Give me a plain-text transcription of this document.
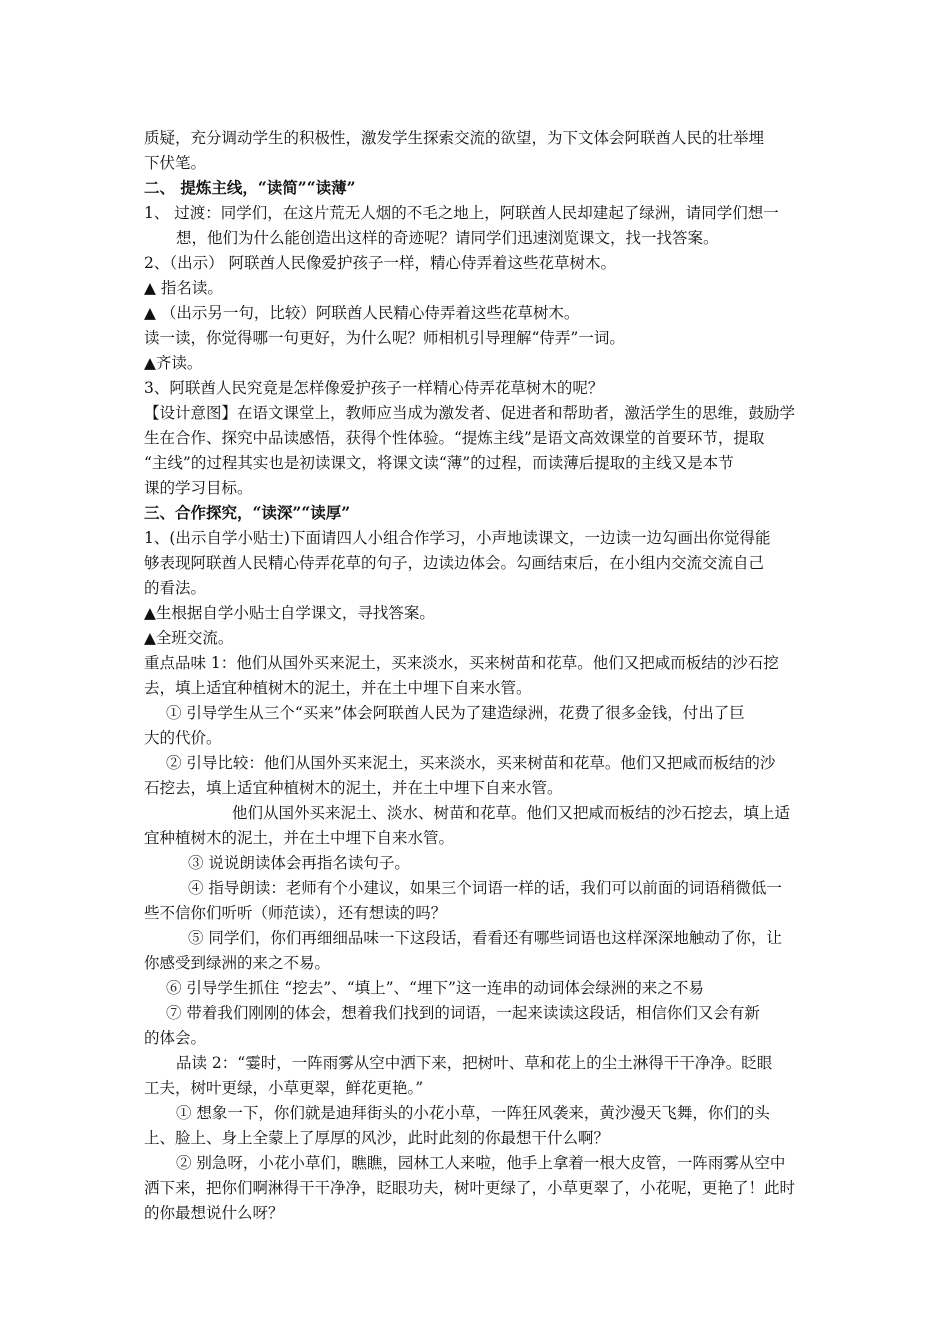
质疑，充分调动学生的积极性，激发学生探索交流的欲望，为下文体会阿联酋人民的壮举埋
下伏笔。
二、 提炼主线，“读简”“读薄”
1、 过渡：同学们，在这片荒无人烟的不毛之地上，阿联酋人民却建起了绿洲，请同学们想一
想，他们为什么能创造出这样的奇迹呢？请同学们迅速浏览课文，找一找答案。
2、（出示） 阿联酋人民像爱护孩子一样，精心侍弄着这些花草树木。
▲ 指名读。
▲ （出示另一句，比较）阿联酋人民精心侍弄着这些花草树木。
读一读，你觉得哪一句更好，为什么呢？师相机引导理解“侍弄”一词。
▲齐读。
3、阿联酋人民究竟是怎样像爱护孩子一样精心侍弄花草树木的呢？
【设计意图】在语文课堂上，教师应当成为激发者、促进者和帮助者，激活学生的思维，鼓励学
生在合作、探究中品读感悟，获得个性体验。“提炼主线”是语文高效课堂的首要环节，提取
“主线”的过程其实也是初读课文，将课文读“薄”的过程，而读薄后提取的主线又是本节
课的学习目标。
三、合作探究，“读深”“读厚”
1、(出示自学小贴士)下面请四人小组合作学习，小声地读课文，一边读一边勾画出你觉得能
够表现阿联酋人民精心侍弄花草的句子，边读边体会。勾画结束后，在小组内交流交流自己
的看法。
▲生根据自学小贴士自学课文，寻找答案。
▲全班交流。
重点品味 1：他们从国外买来泥土，买来淡水，买来树苗和花草。他们又把咸而板结的沙石挖
去，填上适宜种植树木的泥土，并在土中埋下自来水管。
① 引导学生从三个“买来”体会阿联酋人民为了建造绿洲，花费了很多金钱，付出了巨
大的代价。
② 引导比较：他们从国外买来泥土，买来淡水，买来树苗和花草。他们又把咸而板结的沙
石挖去，填上适宜种植树木的泥土，并在土中埋下自来水管。
他们从国外买来泥土、淡水、树苗和花草。他们又把咸而板结的沙石挖去，填上适
宜种植树木的泥土，并在土中埋下自来水管。
③ 说说朗读体会再指名读句子。
④ 指导朗读：老师有个小建议，如果三个词语一样的话，我们可以前面的词语稍微低一
些不信你们听听（师范读），还有想读的吗？
⑤ 同学们，你们再细细品味一下这段话，看看还有哪些词语也这样深深地触动了你，让
你感受到绿洲的来之不易。
⑥ 引导学生抓住 “挖去”、“填上”、“埋下”这一连串的动词体会绿洲的来之不易
⑦ 带着我们刚刚的体会，想着我们找到的词语，一起来读读这段话，相信你们又会有新
的体会。
品读 2：“霎时，一阵雨雾从空中洒下来，把树叶、草和花上的尘土淋得干干净净。眨眼
工夫，树叶更绿，小草更翠，鲜花更艳。”
① 想象一下，你们就是迪拜街头的小花小草，一阵狂风袭来，黄沙漫天飞舞，你们的头
上、脸上、身上全蒙上了厚厚的风沙，此时此刻的你最想干什么啊？
② 别急呀，小花小草们，瞧瞧，园林工人来啦，他手上拿着一根大皮管，一阵雨雾从空中
洒下来，把你们啊淋得干干净净，眨眼功夫，树叶更绿了，小草更翠了，小花呢，更艳了！此时
的你最想说什么呀？
